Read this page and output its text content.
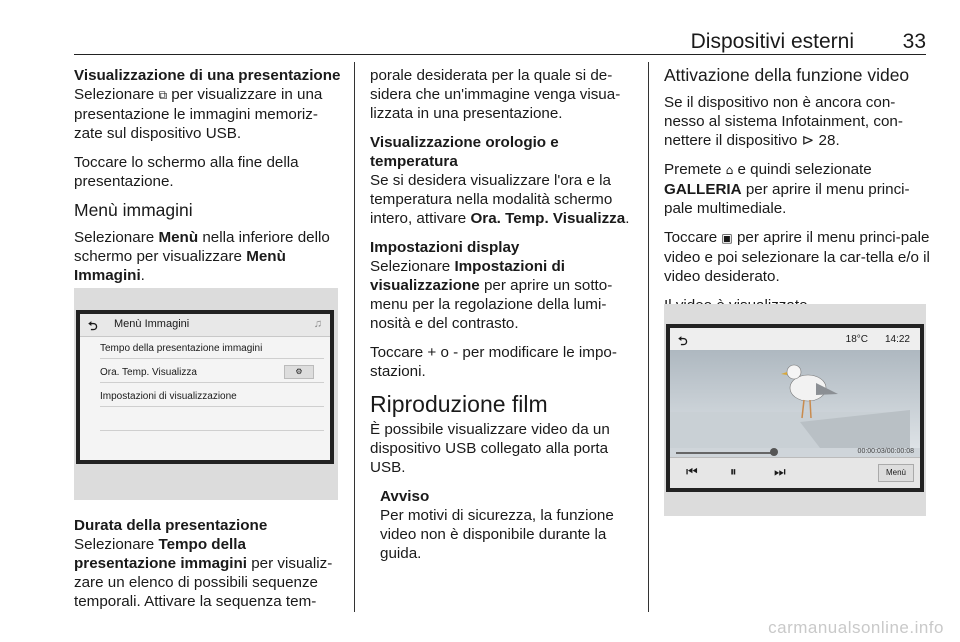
Dispositivi esterni 33
Visualizzazione di una presentazione

Selezionare ⧉ per visualizzare in una presentazione le immagini memoriz-zate sul dispositivo USB.

Toccare lo schermo alla fine della presentazione.

Menù immagini

Selezionare Menù nella inferiore dello schermo per visualizzare Menù Immagini.

⮌ Menù Immagini	♫
Tempo della presentazione immagini
Ora. Temp. Visualizza	⚙
Impostazioni di visualizzazione
Durata della presentazione

Selezionare Tempo della presentazione immagini per visualiz-zare un elenco di possibili sequenze temporali. Attivare la sequenza tem-

porale desiderata per la quale si de-sidera che un'immagine venga visua-lizzata in una presentazione.

Visualizzazione orologio e temperatura

Se si desidera visualizzare l'ora e la temperatura nella modalità schermo intero, attivare Ora. Temp. Visualizza.

Impostazioni display

Selezionare Impostazioni di visualizzazione per aprire un sotto-menu per la regolazione della lumi-nosità e del contrasto.

Toccare + o - per modificare le impo-stazioni.

Riproduzione film

È possibile visualizzare video da un dispositivo USB collegato alla porta USB.

Avviso
Per motivi di sicurezza, la funzione video non è disponibile durante la guida.
Attivazione della funzione video

Se il dispositivo non è ancora con-nesso al sistema Infotainment, con-nettere il dispositivo ⊳ 28.

Premete ⌂ e quindi selezionate GALLERIA per aprire il menu princi-pale multimediale.

Toccare ▣ per aprire il menu princi-pale video e poi selezionare la car-tella e/o il video desiderato.

⮌	18°C 14:22
00:00:03/00:00:08
⏮ ⏸	⏭	Menù
carmanualsonline.info
